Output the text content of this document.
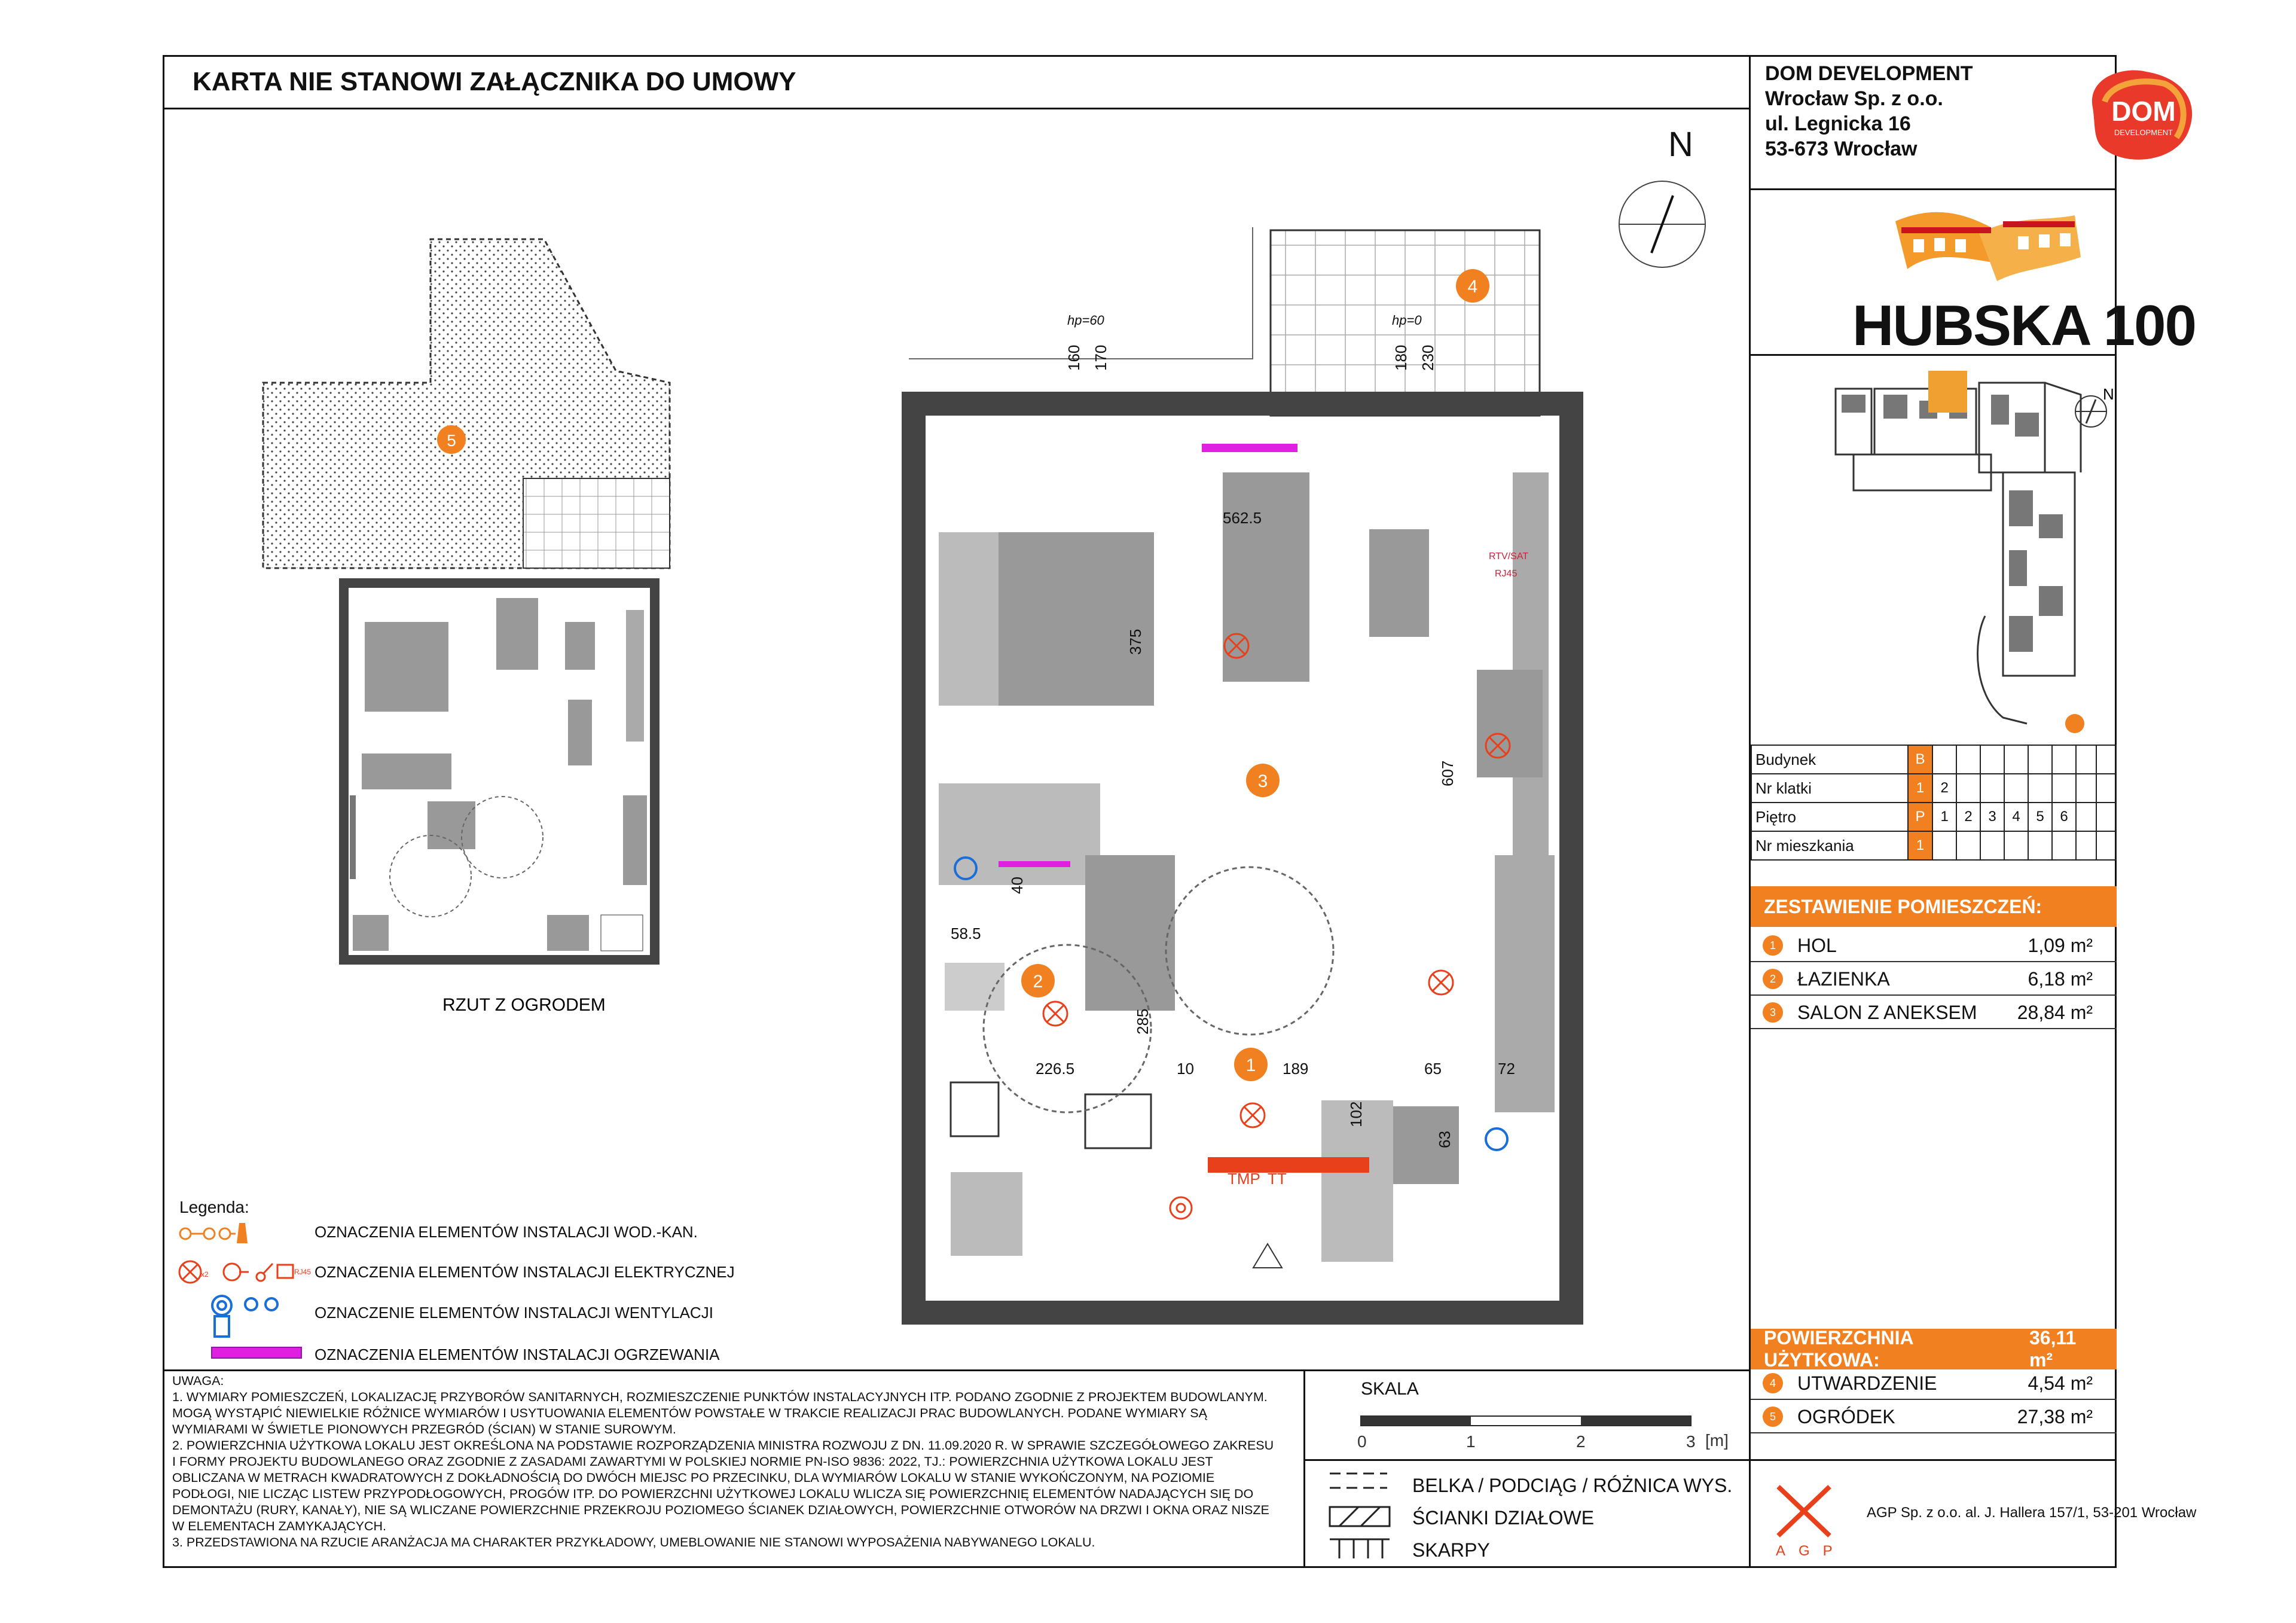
KARTA NIE STANOWI ZAŁĄCZNIKA DO UMOWY	DOM DEVELOPMENT
Wrocław Sp. z o.o.
ul. Legnicka 16
53-673 Wrocław
DOM
DEVELOPMENT
HUBSKA 100
N
Budynek	B								
Nr klatki	1	2							
Piętro	P	1	2	3	4	5	6		
Nr mieszkania	1								
ZESTAWIENIE POMIESZCZEŃ:
1	HOL	1,09 m²
2	ŁAZIENKA	6,18 m²
3	SALON Z ANEKSEM	28,84 m²
POWIERZCHNIA UŻYTKOWA:
36,11 m²
4	UTWARDZENIE	4,54 m²
5	OGRÓDEK	27,38 m²
N
5
RZUT Z OGRODEM
3
2
1
4
562.5
375
607
40
58.5
285
226.5	10	189	65	72
102
63
160 170	180 230
hp=60	hp=0
RTV/SAT
RJ45
TMP TT
Legenda:
OZNACZENIA ELEMENTÓW INSTALACJI WOD.-KAN.
OZNACZENIA ELEMENTÓW INSTALACJI ELEKTRYCZNEJ
OZNACZENIE ELEMENTÓW INSTALACJI WENTYLACJI
OZNACZENIA ELEMENTÓW INSTALACJI OGRZEWANIA
x2	RJ45
UWAGA:
1. WYMIARY POMIESZCZEŃ, LOKALIZACJĘ PRZYBORÓW SANITARNYCH, ROZMIESZCZENIE PUNKTÓW INSTALACYJNYCH ITP. PODANO ZGODNIE Z PROJEKTEM BUDOWLANYM.
MOGĄ WYSTĄPIĆ NIEWIELKIE RÓŻNICE WYMIARÓW I USYTUOWANIA ELEMENTÓW POWSTAŁE W TRAKCIE REALIZACJI PRAC BUDOWLANYCH. PODANE WYMIARY SĄ
WYMIARAMI W ŚWIETLE PIONOWYCH PRZEGRÓD (ŚCIAN) W STANIE SUROWYM.
2. POWIERZCHNIA UŻYTKOWA LOKALU JEST OKREŚLONA NA PODSTAWIE ROZPORZĄDZENIA MINISTRA ROZWOJU Z DN. 11.09.2020 R. W SPRAWIE SZCZEGÓŁOWEGO ZAKRESU
I FORMY PROJEKTU BUDOWLANEGO ORAZ ZGODNIE Z ZASADAMI ZAWARTYMI W POLSKIEJ NORMIE PN-ISO 9836: 2022, TJ.: POWIERZCHNIA UŻYTKOWA LOKALU JEST
OBLICZANA W METRACH KWADRATOWYCH Z DOKŁADNOŚCIĄ DO DWÓCH MIEJSC PO PRZECINKU, DLA WYMIARÓW LOKALU W STANIE WYKOŃCZONYM, NA POZIOMIE
PODŁOGI, NIE LICZĄC LISTEW PRZYPODŁOGOWYCH, PROGÓW ITP. DO POWIERZCHNI UŻYTKOWEJ LOKALU WLICZA SIĘ POWIERZCHNIĘ ELEMENTÓW NADAJĄCYCH SIĘ DO
DEMONTAŻU (RURY, KANAŁY), NIE SĄ WLICZANE POWIERZCHNIE PRZEKROJU POZIOMEGO ŚCIANEK DZIAŁOWYCH, POWIERZCHNIE OTWORÓW NA DRZWI I OKNA ORAZ NISZE
W ELEMENTACH ZAMYKAJĄCYCH.
3. PRZEDSTAWIONA NA RZUCIE ARANŻACJA MA CHARAKTER PRZYKŁADOWY, UMEBLOWANIE NIE STANOWI WYPOSAŻENIA NABYWANEGO LOKALU.
SKALA
0	1	2	3 [m]
BELKA / PODCIĄG / RÓŻNICA WYS.
ŚCIANKI DZIAŁOWE
SKARPY	AGP
AGP Sp. z o.o. al. J. Hallera 157/1, 53-201 Wrocław
